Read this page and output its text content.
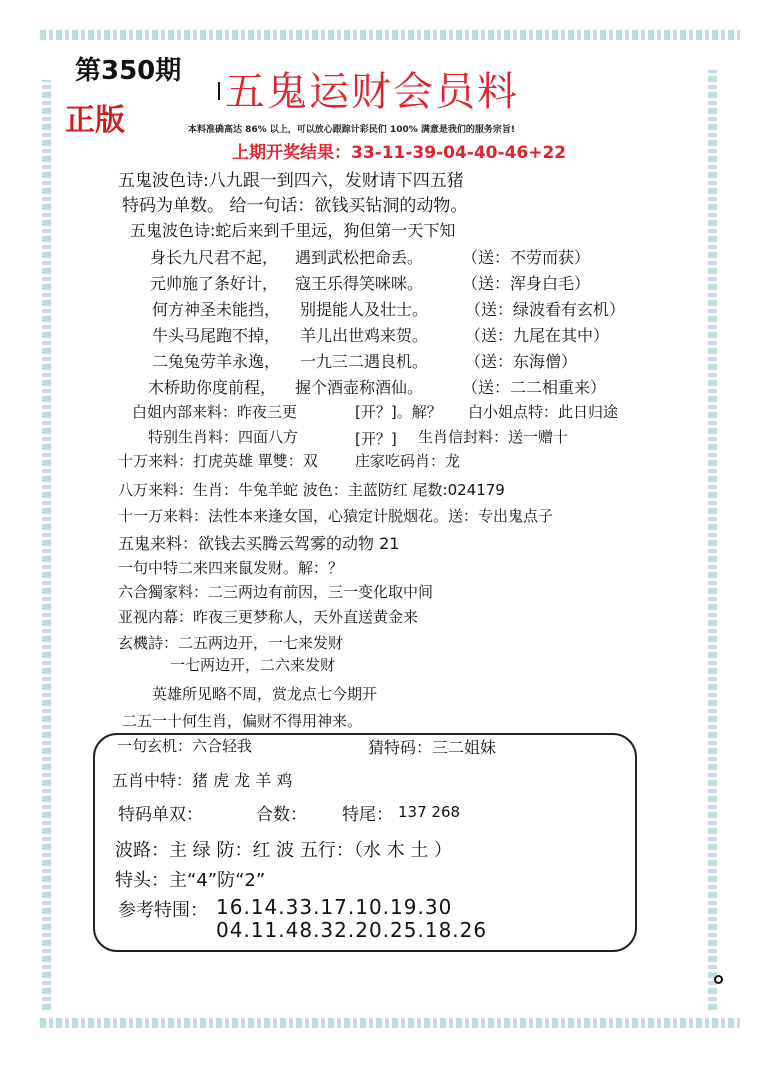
第350期
正版
五鬼运财会员料
本料准确高达 86% 以上，可以放心跟踪计彩民们 100% 满意是我们的服务宗旨!
上期开奖结果：33-11-39-04-40-46+22
五鬼波色诗:八九跟一到四六，发财请下四五猪
特码为单数。 给一句话：欲钱买钻洞的动物。
五鬼波色诗:蛇后来到千里远，狗但第一天下知
身长九尺君不起， 遇到武松把命丢。 （送：不劳而获）
元帅施了条好计， 寇王乐得笑咪咪。 （送：浑身白毛）
何方神圣未能挡， 别提能人及壮士。 （送：绿波看有玄机）
牛头马尾跑不掉， 羊儿出世鸡来贺。 （送：九尾在其中）
二兔兔劳羊永逸， 一九三二遇良机。 （送：东海僧）
木桥助你度前程， 握个酒壶称酒仙。 （送：二二相重来）
白姐内部来料：昨夜三更	[开？]。解？ 白小姐点特：此日归途
特别生肖料：四面八方	[开？] 生肖信封料：送一赠十
十万来料：打虎英雄 單雙：双 庄家吃码肖：龙
八万来料：生肖：牛兔羊蛇 波色：主蓝防红 尾数:024179
十一万来料：法性本来逢女国，心猿定计脱烟花。送：专出鬼点子
五鬼来料：欲钱去买腾云驾雾的动物 21
一句中特二来四来鼠发财。解：？
六合獨家料：二三两边有前因，三一变化取中间
亚视内幕：昨夜三更梦称人，天外直送黄金来
玄機詩：二五两边开，一七来发财
一七两边开，二六来发财
英雄所见略不周，赏龙点七今期开
二五一十何生肖，偏财不得用神来。
一句玄机：六合轻我	猜特码：三二姐妹
五肖中特：猪 虎 龙 羊 鸡
特码单双：	合数： 特尾： 137 268
波路：主 绿 防：红 波 五行：（水 木 土 ）
特头：主“4”防“2”
参考特围： 16.14.33.17.10.19.30
04.11.48.32.20.25.18.26
